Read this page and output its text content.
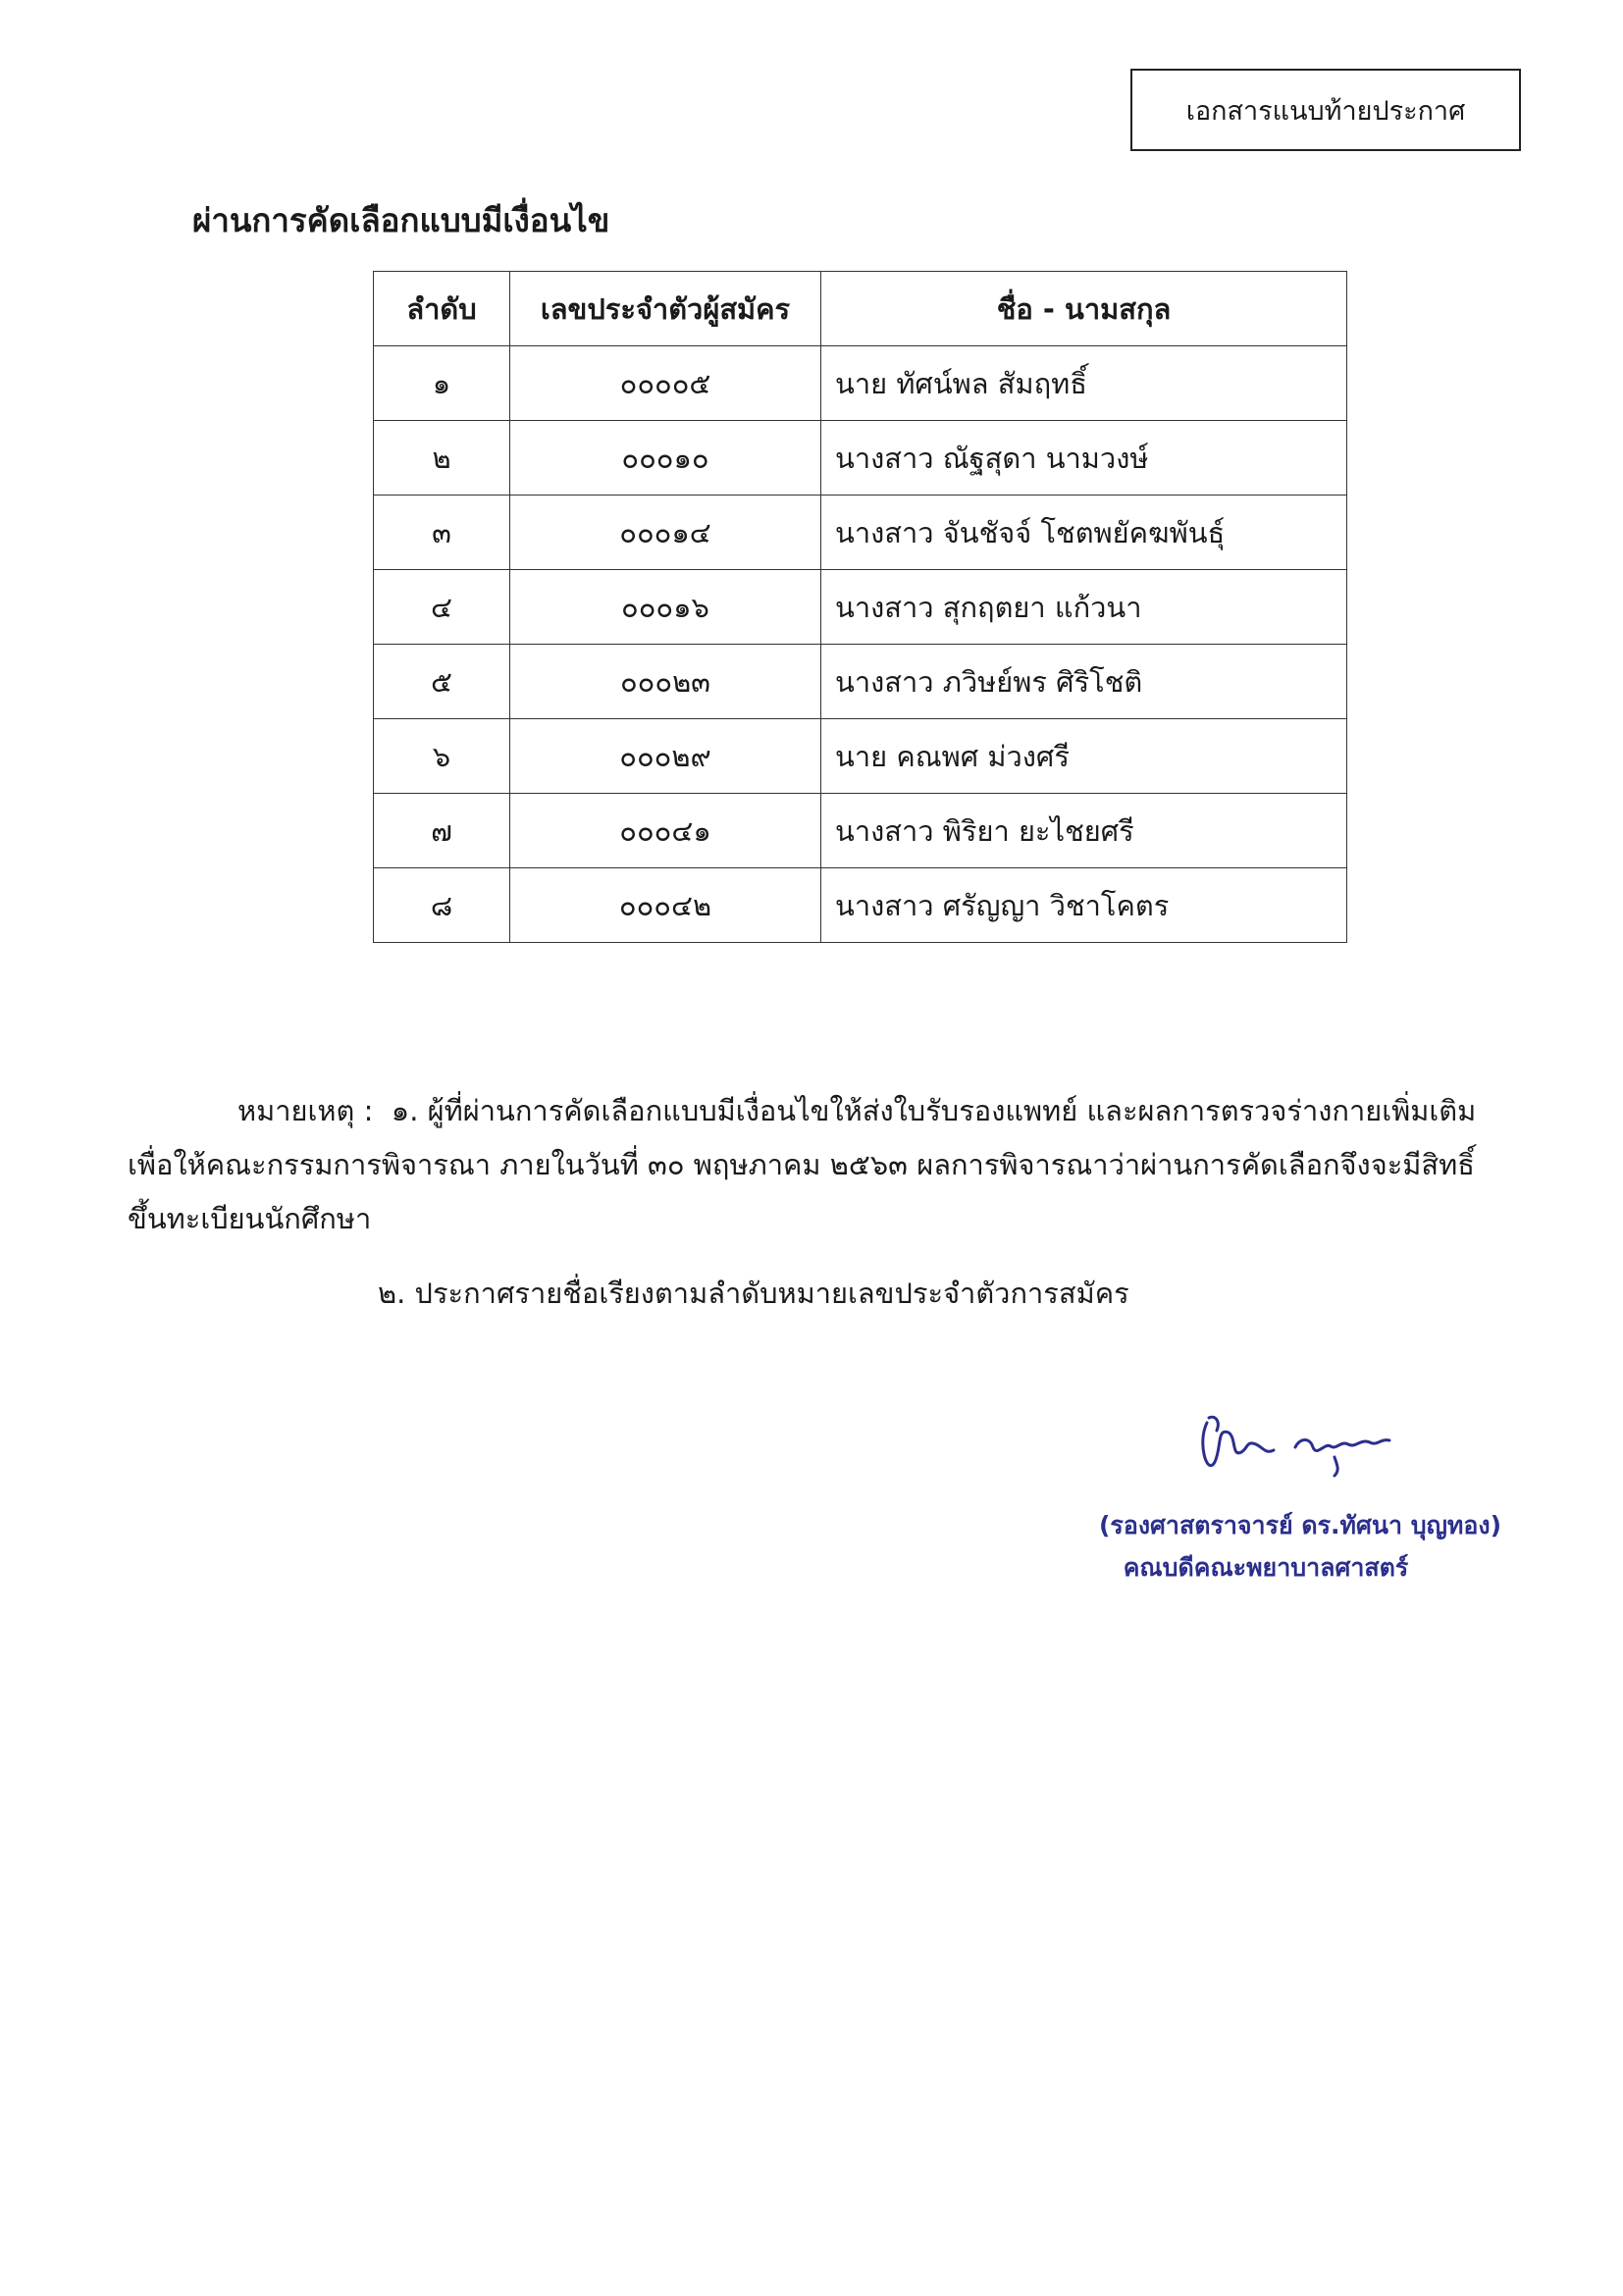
เอกสารแนบท้ายประกาศ
ผ่านการคัดเลือกแบบมีเงื่อนไข
ลำดับ	เลขประจำตัวผู้สมัคร	ชื่อ - นามสกุล
๑	๐๐๐๐๕	นาย ทัศน์พล สัมฤทธิ์
๒	๐๐๐๑๐	นางสาว ณัฐสุดา นามวงษ์
๓	๐๐๐๑๔	นางสาว จันชัจจ์ โชตพยัคฆพันธุ์
๔	๐๐๐๑๖	นางสาว สุกฤตยา แก้วนา
๕	๐๐๐๒๓	นางสาว ภวิษย์พร ศิริโชติ
๖	๐๐๐๒๙	นาย คณพศ ม่วงศรี
๗	๐๐๐๔๑	นางสาว พิริยา ยะไชยศรี
๘	๐๐๐๔๒	นางสาว ศรัญญา วิชาโคตร

หมายเหตุ : ๑. ผู้ที่ผ่านการคัดเลือกแบบมีเงื่อนไขให้ส่งใบรับรองแพทย์ และผลการตรวจร่างกายเพิ่มเติมเพื่อให้คณะกรรมการพิจารณา ภายในวันที่ ๓๐ พฤษภาคม ๒๕๖๓ ผลการพิจารณาว่าผ่านการคัดเลือกจึงจะมีสิทธิ์ขึ้นทะเบียนนักศึกษา

๒. ประกาศรายชื่อเรียงตามลำดับหมายเลขประจำตัวการสมัคร

(รองศาสตราจารย์ ดร.ทัศนา บุญทอง)
คณบดีคณะพยาบาลศาสตร์
